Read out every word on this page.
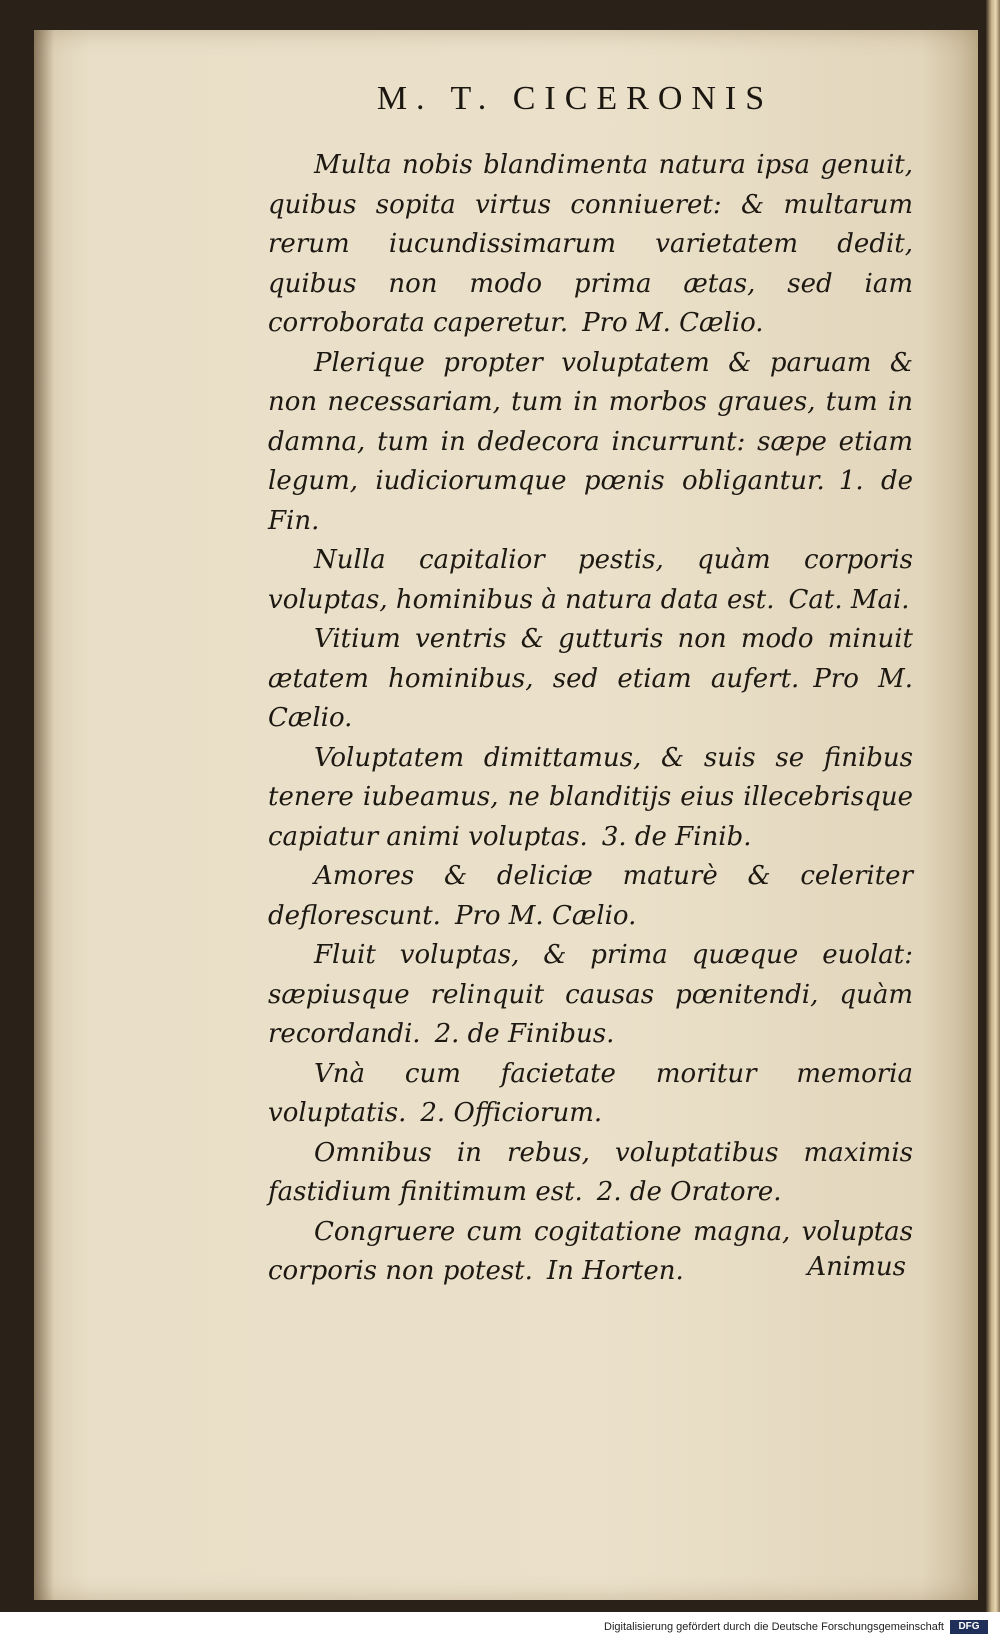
M. T. CICERONIS

Multa nobis blandimenta natura ipsa genuit, quibus sopita virtus conniueret: & multarum rerum iucundissimarum varietatem dedit, quibus non modo prima ætas, sed iam corroborata caperetur. Pro M. Cælio.

Plerique propter voluptatem & paruam & non necessariam, tum in morbos graues, tum in damna, tum in dedecora incurrunt: sæpe etiam legum, iudiciorumque pœnis obligantur. 1. de Fin.

Nulla capitalior pestis, quàm corporis voluptas, hominibus à natura data est. Cat. Mai.

Vitium ventris & gutturis non modo minuit ætatem hominibus, sed etiam aufert. Pro M. Cælio.

Voluptatem dimittamus, & suis se finibus tenere iubeamus, ne blanditijs eius illecebrisque capiatur animi voluptas. 3. de Finib.

Amores & deliciæ maturè & celeriter deflorescunt. Pro M. Cælio.

Fluit voluptas, & prima quæque euolat: sæpiusque relinquit causas pœnitendi, quàm recordandi. 2. de Finibus.

Vnà cum facietate moritur memoria voluptatis. 2. Officiorum.

Omnibus in rebus, voluptatibus maximis fastidium finitimum est. 2. de Oratore.

Congruere cum cogitatione magna, voluptas corporis non potest. In Horten.	Animus
Digitalisierung gefördert durch die Deutsche Forschungsgemeinschaft	DFG
